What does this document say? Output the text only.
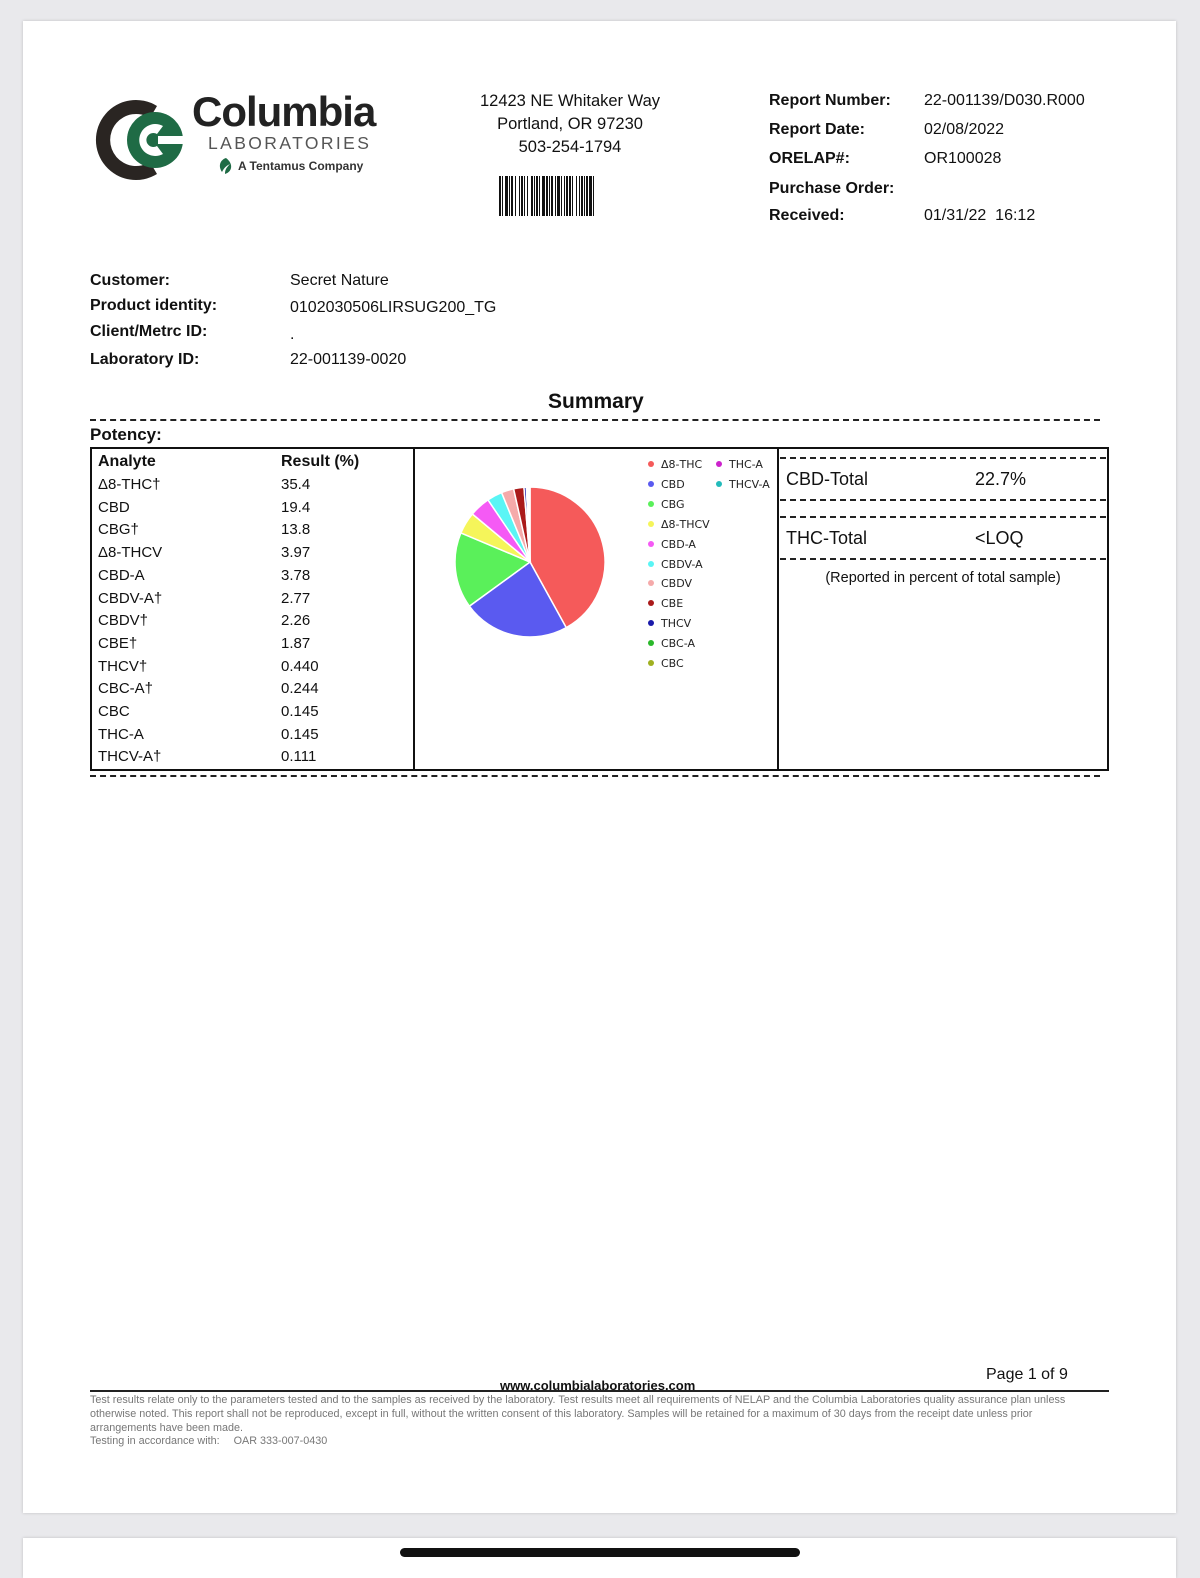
Columbia
LABORATORIES
A Tentamus Company
12423 NE Whitaker Way
Portland, OR 97230
503-254-1794
Report Number: 22-001139/D030.R000
Report Date:	02/08/2022
ORELAP#:	OR100028
Purchase Order:
Received:	01/31/22  16:12
Customer:	Secret Nature
Product identity:	0102030506LIRSUG200_TG
Client/Metrc ID:	.
Laboratory ID:	22-001139-0020
Summary
Potency:
Analyte	Result (%)
Δ8-THC†	35.4
CBD	19.4
CBG†	13.8
Δ8-THCV	3.97
CBD-A	3.78
CBDV-A†	2.77
CBDV†	2.26
CBE†	1.87
THCV†	0.440
CBC-A†	0.244
CBC	0.145
THC-A	0.145
THCV-A†	0.111
Δ8-THC
CBD
CBG
Δ8-THCV
CBD-A
CBDV-A
CBDV
CBE
THCV
CBC-A
CBC
THC-A
THCV-A CBD-Total	22.7%
THC-Total	<LOQ
(Reported in percent of total sample)
Page 1 of 9
www.columbialaboratories.com
Test results relate only to the parameters tested and to the samples as received by the laboratory. Test results meet all requirements of NELAP and the Columbia Laboratories quality assurance plan unless otherwise noted. This report shall not be reproduced, except in full, without the written consent of this laboratory. Samples will be retained for a maximum of 30 days from the receipt date unless prior arrangements have been made.
Testing in accordance with: OAR 333-007-0430
